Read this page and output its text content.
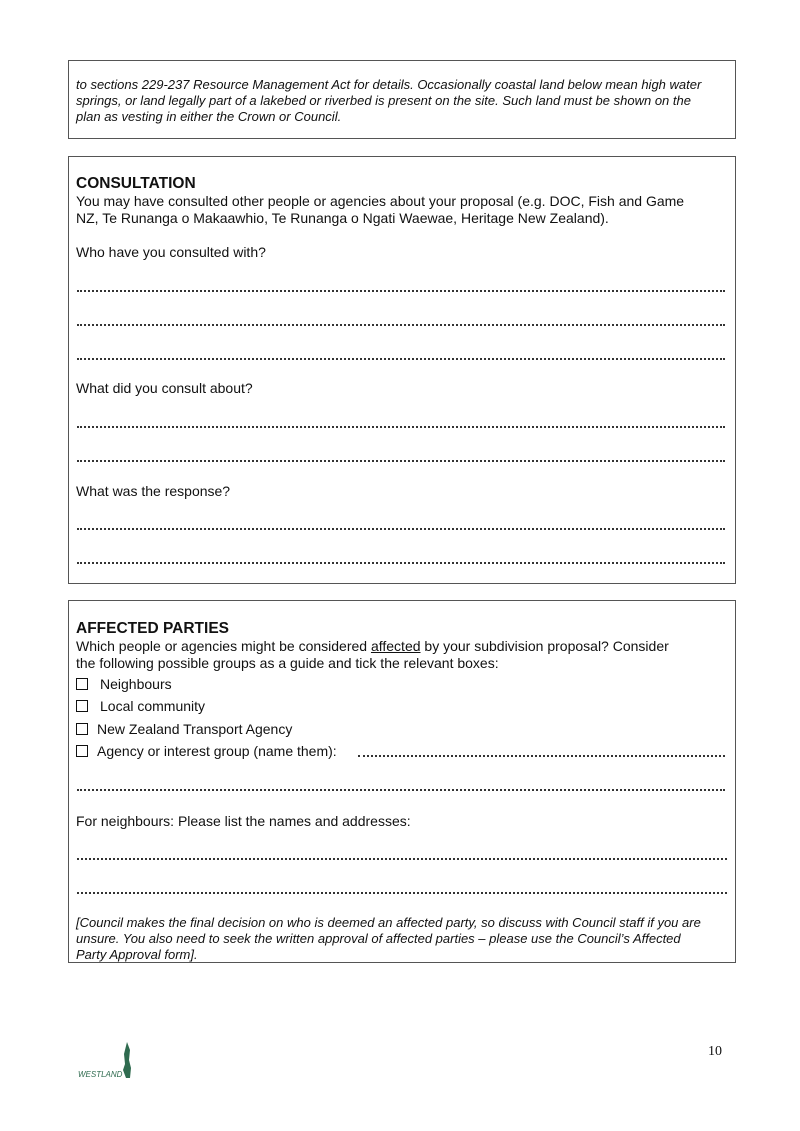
to sections 229-237 Resource Management Act for details. Occasionally coastal land below mean high water
springs, or land legally part of a lakebed or riverbed is present on the site. Such land must be shown on the
plan as vesting in either the Crown or Council.
CONSULTATION
You may have consulted other people or agencies about your proposal (e.g. DOC, Fish and Game
NZ, Te Runanga o Makaawhio, Te Runanga o Ngati Waewae, Heritage New Zealand).
Who have you consulted with?
What did you consult about?
What was the response?
AFFECTED PARTIES
Which people or agencies might be considered affected by your subdivision proposal? Consider
the following possible groups as a guide and tick the relevant boxes:
Neighbours
Local community
New Zealand Transport Agency
Agency or interest group (name them):
For neighbours: Please list the names and addresses:
[Council makes the final decision on who is deemed an affected party, so discuss with Council staff if you are
unsure. You also need to seek the written approval of affected parties – please use the Council’s Affected
Party Approval form].
WESTLAND
10
